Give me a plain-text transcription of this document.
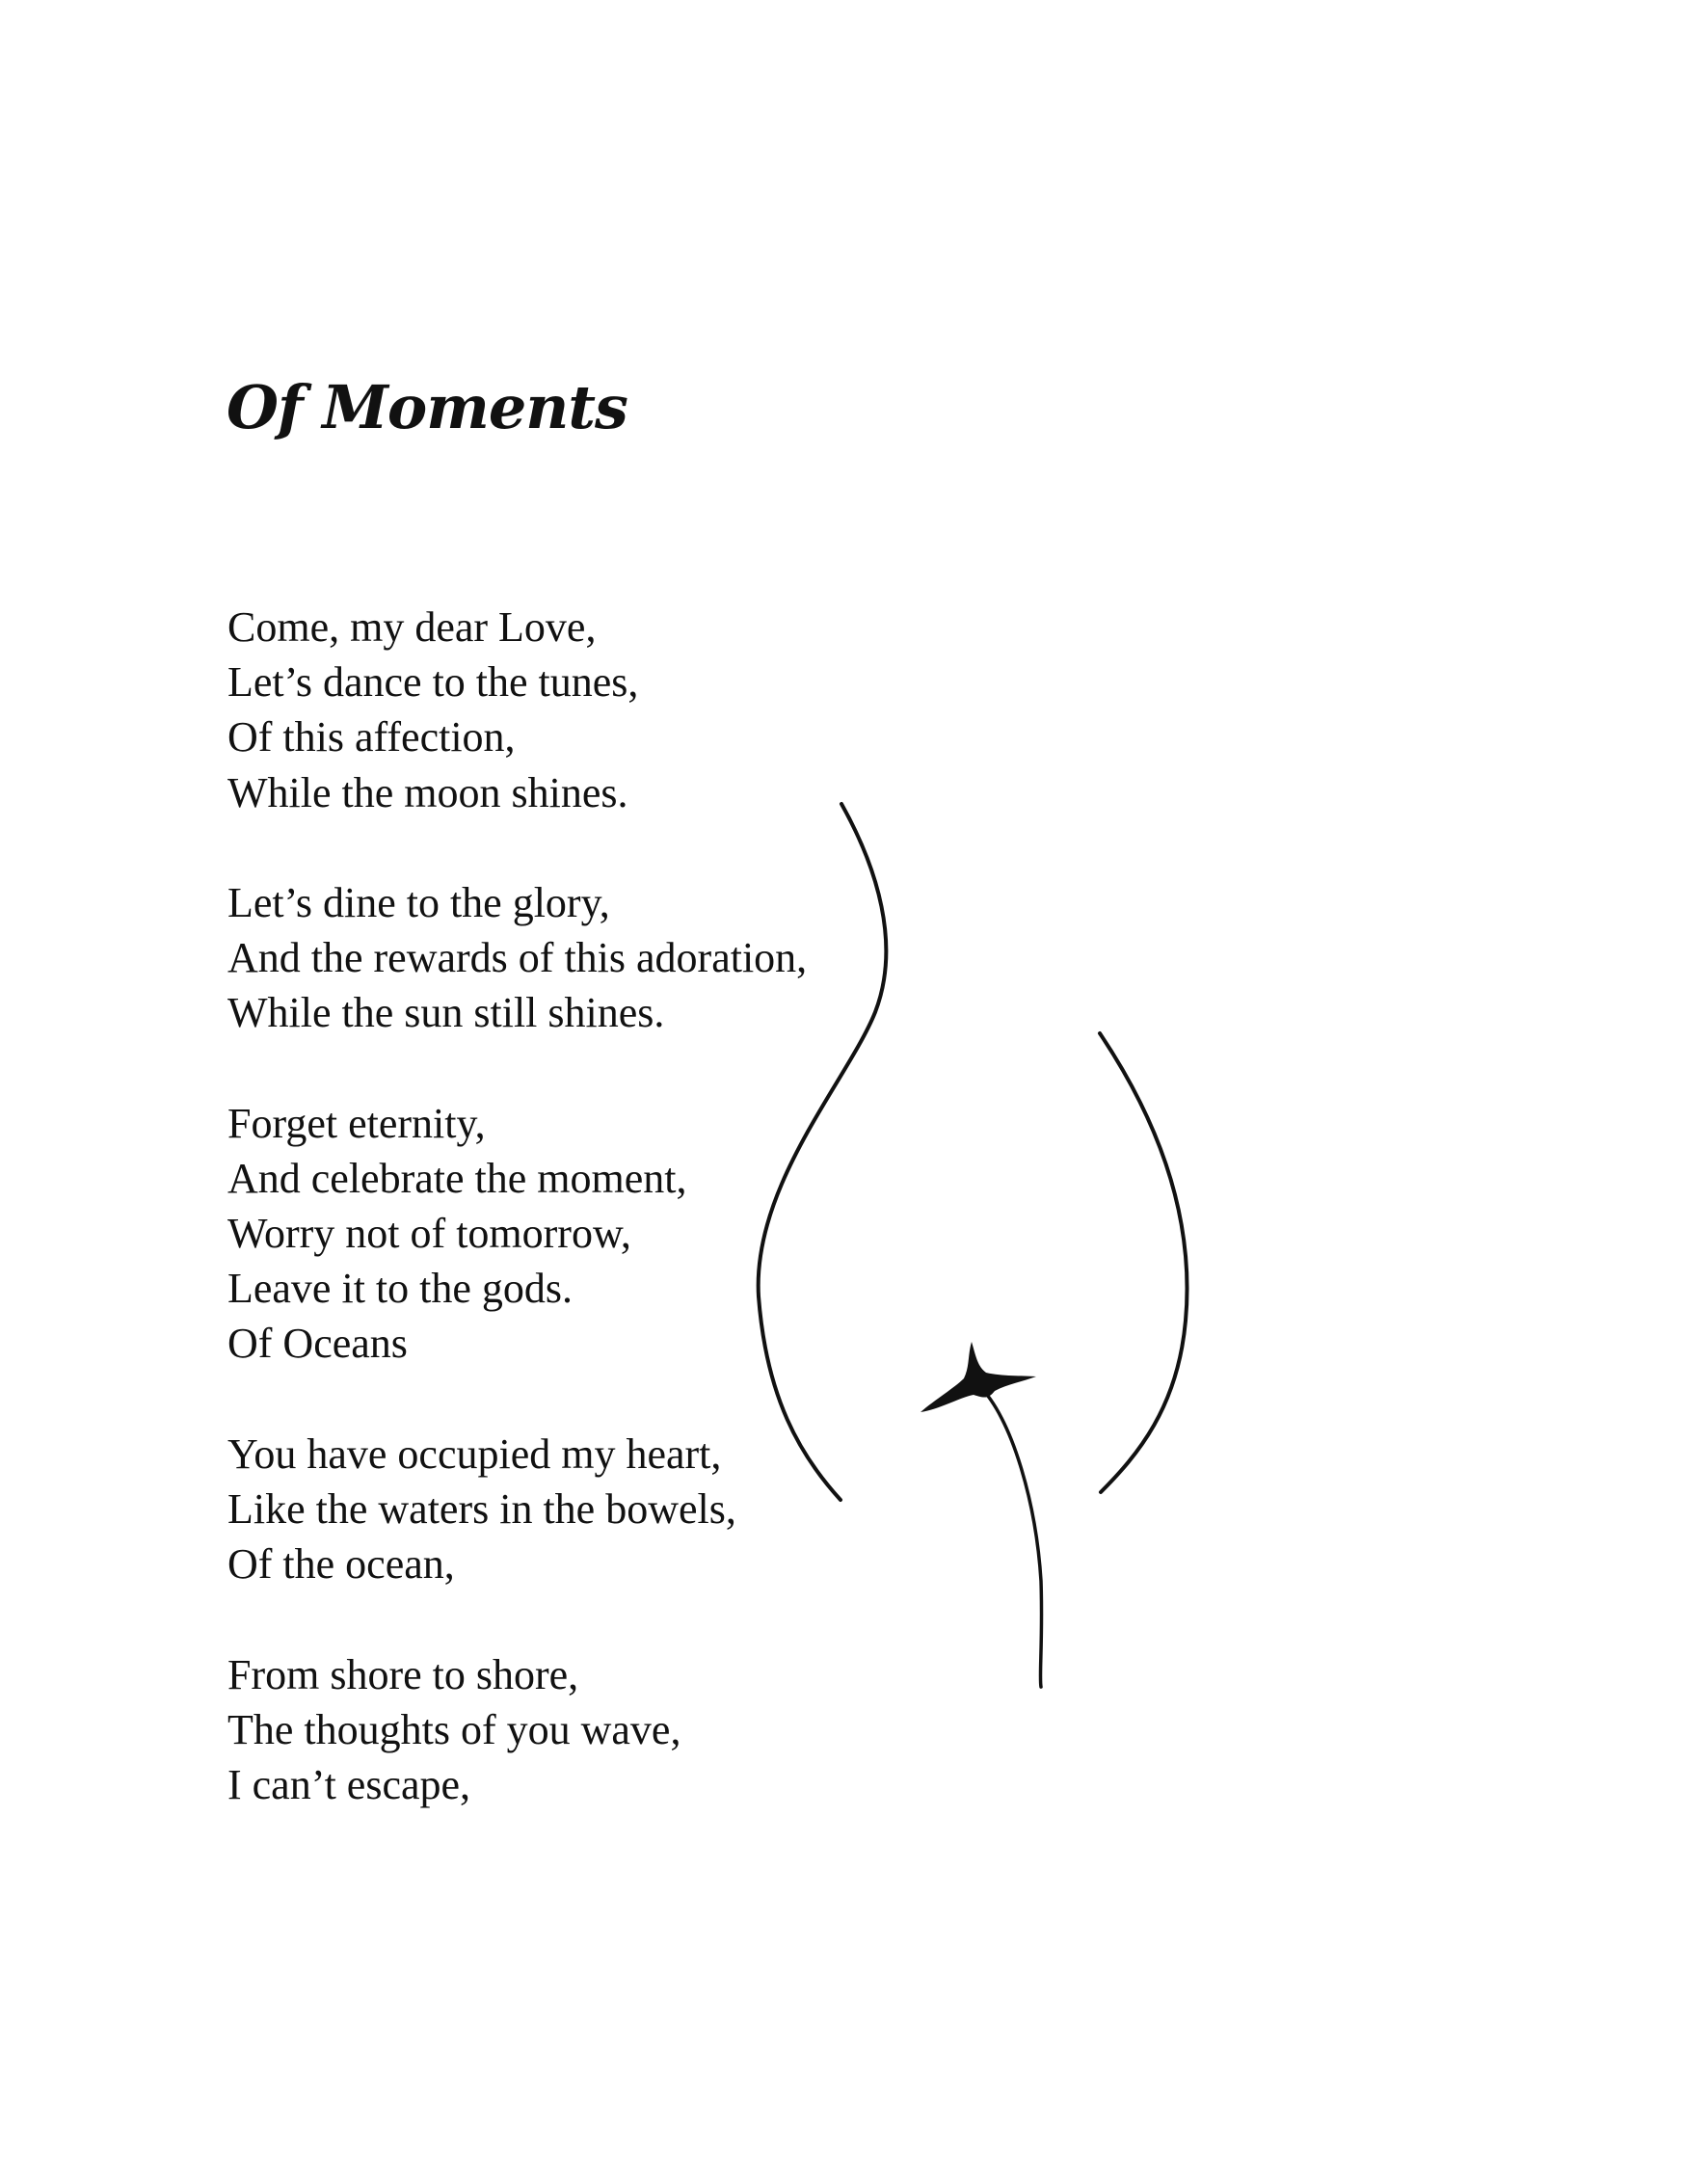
Of Moments
Come, my dear Love,
Let’s dance to the tunes,
Of this affection,
While the moon shines.
Let’s dine to the glory,
And the rewards of this adoration,
While the sun still shines.
Forget eternity,
And celebrate the moment,
Worry not of tomorrow,
Leave it to the gods.
Of Oceans
You have occupied my heart,
Like the waters in the bowels,
Of the ocean,
From shore to shore,
The thoughts of you wave,
I can’t escape,
